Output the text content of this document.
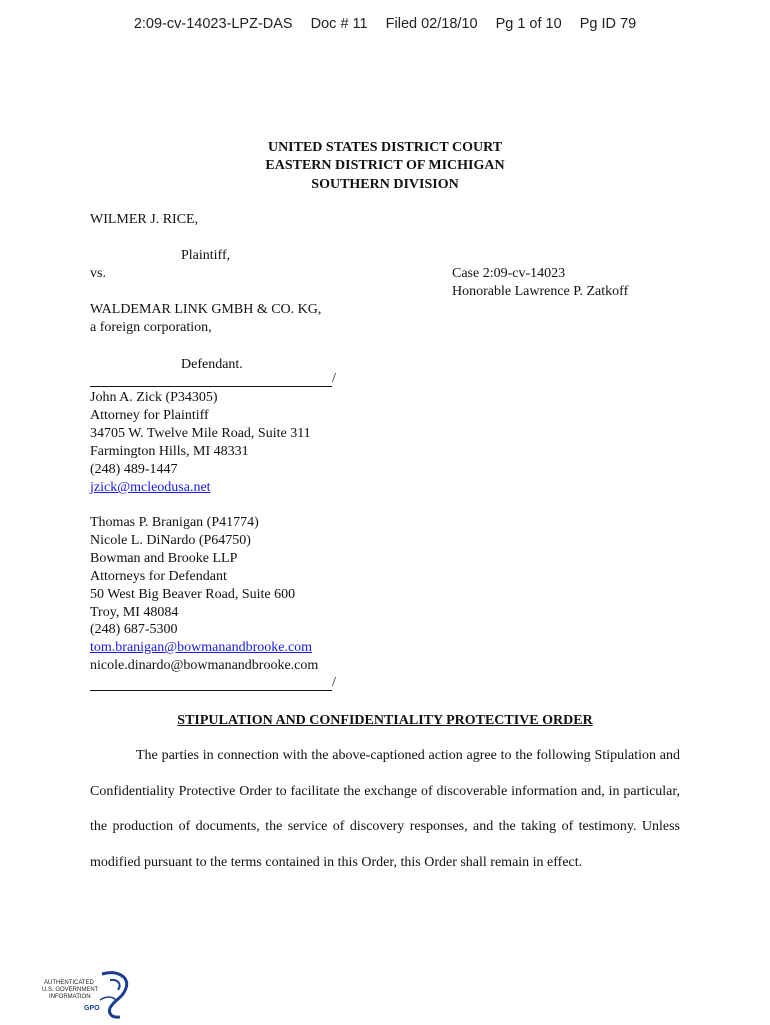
2:09-cv-14023-LPZ-DAS Doc # 11 Filed 02/18/10 Pg 1 of 10 Pg ID 79
UNITED STATES DISTRICT COURT
EASTERN DISTRICT OF MICHIGAN
SOUTHERN DIVISION
WILMER J. RICE,
Plaintiff,
vs.	Case 2:09-cv-14023
Honorable Lawrence P. Zatkoff
WALDEMAR LINK GMBH & CO. KG,
a foreign corporation,
Defendant.
/
John A. Zick (P34305)
Attorney for Plaintiff
34705 W. Twelve Mile Road, Suite 311
Farmington Hills, MI 48331
(248) 489-1447
jzick@mcleodusa.net
Thomas P. Branigan (P41774)
Nicole L. DiNardo (P64750)
Bowman and Brooke LLP
Attorneys for Defendant
50 West Big Beaver Road, Suite 600
Troy, MI 48084
(248) 687-5300
tom.branigan@bowmanandbrooke.com
nicole.dinardo@bowmanandbrooke.com
/
STIPULATION AND CONFIDENTIALITY PROTECTIVE ORDER

The parties in connection with the above-captioned action agree to the following Stipulation and Confidentiality Protective Order to facilitate the exchange of discoverable information and, in particular, the production of documents, the service of discovery responses, and the taking of testimony. Unless modified pursuant to the terms contained in this Order, this Order shall remain in effect.

AUTHENTICATED
U.S. GOVERNMENT
INFORMATION
GPO
